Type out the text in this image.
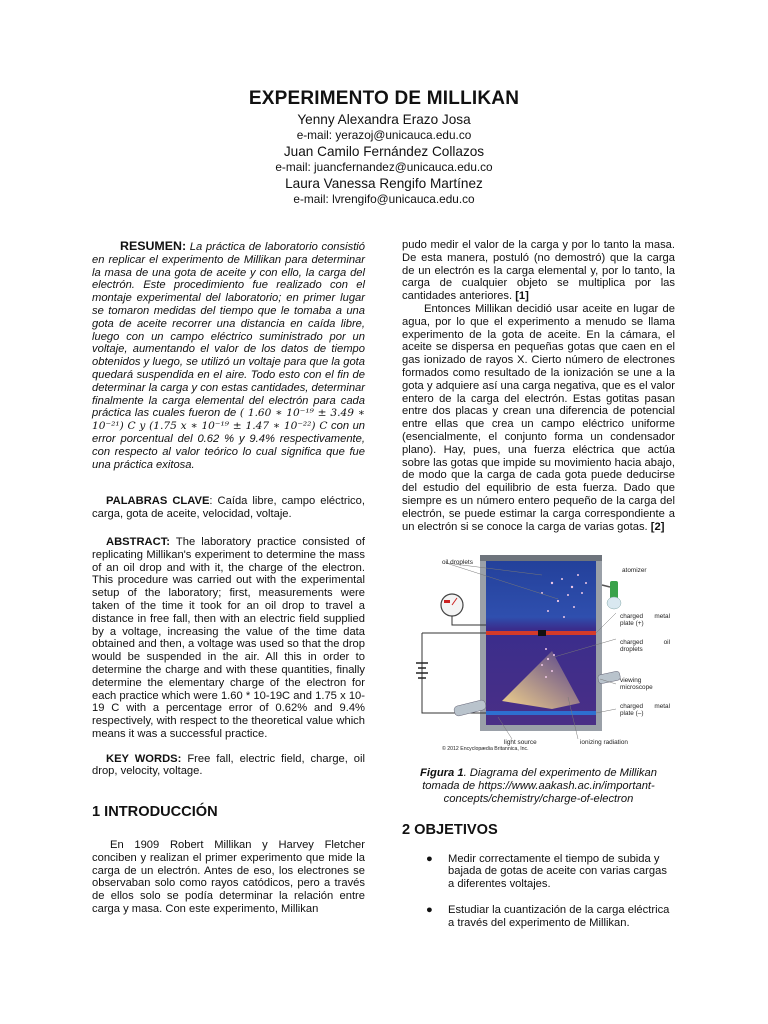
EXPERIMENTO DE MILLIKAN
Yenny Alexandra Erazo Josa
e-mail: yerazoj@unicauca.edu.co
Juan Camilo Fernández Collazos
e-mail: juancfernandez@unicauca.edu.co
Laura Vanessa Rengifo Martínez
e-mail: lvrengifo@unicauca.edu.co

RESUMEN: La práctica de laboratorio consistió en replicar el experimento de Millikan para determinar la masa de una gota de aceite y con ello, la carga del electrón. Este procedimiento fue realizado con el montaje experimental del laboratorio; en primer lugar se tomaron medidas del tiempo que le tomaba a una gota de aceite recorrer una distancia en caída libre, luego con un campo eléctrico suministrado por un voltaje, aumentando el valor de los datos de tiempo obtenidos y luego, se utilizó un voltaje para que la gota quedará suspendida en el aire. Todo esto con el fin de determinar la carga y con estas cantidades, determinar finalmente la carga elemental del electrón para cada práctica las cuales fueron de ( 1.60 ∗ 10⁻¹⁹ ± 3.49 ∗ 10⁻²¹) C y (1.75 x ∗ 10⁻¹⁹ ± 1.47 ∗ 10⁻²²) C con un error porcentual del 0.62 % y 9.4% respectivamente, con respecto al valor teórico lo cual significa que fue una práctica exitosa.

PALABRAS CLAVE: Caída libre, campo eléctrico, carga, gota de aceite, velocidad, voltaje.

ABSTRACT: The laboratory practice consisted of replicating Millikan's experiment to determine the mass of an oil drop and with it, the charge of the electron. This procedure was carried out with the experimental setup of the laboratory; first, measurements were taken of the time it took for an oil drop to travel a distance in free fall, then with an electric field supplied by a voltage, increasing the value of the time data obtained and then, a voltage was used so that the drop would be suspended in the air. All this in order to determine the charge and with these quantities, finally determine the elementary charge of the electron for each practice which were 1.60 * 10-19C and 1.75 x 10-19 C with a percentage error of 0.62% and 9.4% respectively, with respect to the theoretical value which means it was a successful practice.

KEY WORDS: Free fall, electric field, charge, oil drop, velocity, voltage.

1 INTRODUCCIÓN

En 1909 Robert Millikan y Harvey Fletcher conciben y realizan el primer experimento que mide la carga de un electrón. Antes de eso, los electrones se observaban solo como rayos catódicos, pero a través de ellos solo se podía determinar la relación entre carga y masa. Con este experimento, Millikan

pudo medir el valor de la carga y por lo tanto la masa. De esta manera, postuló (no demostró) que la carga de un electrón es la carga elemental y, por lo tanto, la carga de cualquier objeto se multiplica por las cantidades anteriores. [1]

Entonces Millikan decidió usar aceite en lugar de agua, por lo que el experimento a menudo se llama experimento de la gota de aceite. En la cámara, el aceite se dispersa en pequeñas gotas que caen en el gas ionizado de rayos X. Cierto número de electrones formados como resultado de la ionización se une a la gota y adquiere así una carga negativa, que es el valor entero de la carga del electrón. Estas gotitas pasan entre dos placas y crean una diferencia de potencial entre ellas que crea un campo eléctrico uniforme (esencialmente, el conjunto forma un condensador plano). Hay, pues, una fuerza eléctrica que actúa sobre las gotas que impide su movimiento hacia abajo, de modo que la carga de cada gota puede deducirse del estudio del equilibrio de esta fuerza. Dado que siempre es un número entero pequeño de la carga del electrón, se puede estimar la carga correspondiente a un electrón si se conoce la carga de varias gotas. [2]

oil droplets
atomizer
charged metal plate (+)
charged oil droplets
viewing microscope
charged metal plate (–)
light source	ionizing radiation
© 2012 Encyclopædia Britannica, Inc.

Figura 1. Diagrama del experimento de Millikan tomada de https://www.aakash.ac.in/important-concepts/chemistry/charge-of-electron

2 OBJETIVOS
● Medir correctamente el tiempo de subida y bajada de gotas de aceite con varias cargas a diferentes voltajes.
● Estudiar la cuantización de la carga eléctrica a través del experimento de Millikan.
